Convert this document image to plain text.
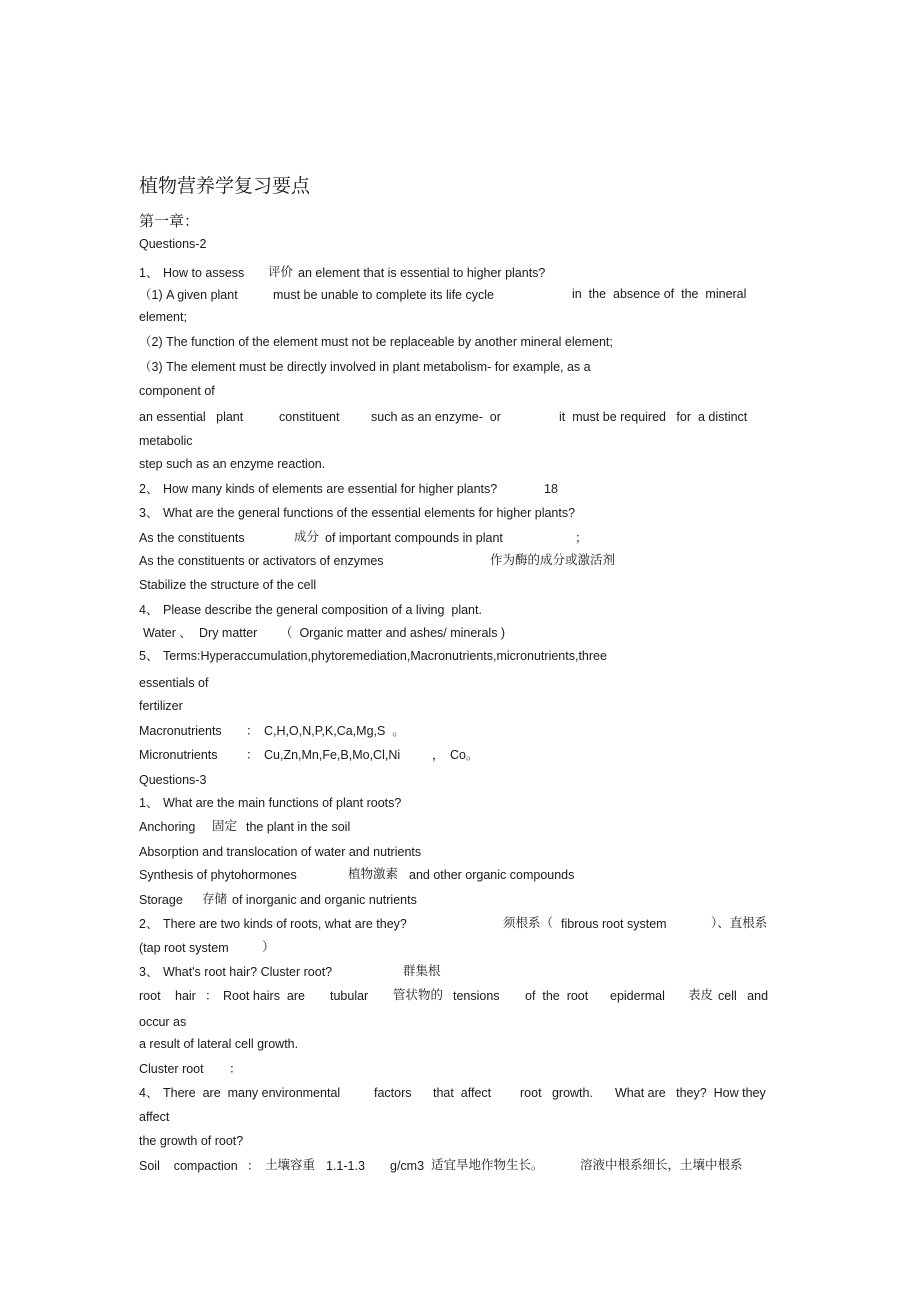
植物营养学复习要点
第一章：
Questions-2
1、 How to assess 评价 an element that is essential to higher plants?
（1) A given plant	must be unable to complete its life cycle	in  the  absence of  the  mineral
element;
（2) The function of the element must not be replaceable by another mineral element;
（3) The element must be directly involved in plant metabolism- for example, as a
component of
an essential   plant	constituent	such as an enzyme-  or	it  must be required   for  a distinct
metabolic
step such as an enzyme reaction.
2、 How many kinds of elements are essential for higher plants?	18
3、 What are the general functions of the essential elements for higher plants?
As the constituents	成分 of important compounds in plant	；
As the constituents or activators of enzymes	作为酶的成分或激活剂
Stabilize the structure of the cell
4、 Please describe the general composition of a living  plant.
Water 、 Dry matter （  Organic matter and ashes/ minerals )
5、 Terms:Hyperaccumulation,phytoremediation,Macronutrients,micronutrients,three
essentials of
fertilizer
Macronutrients ： C,H,O,N,P,K,Ca,Mg,S  。
Micronutrients ： Cu,Zn,Mn,Fe,B,Mo,Cl,Ni	， Co。
Questions-3
1、 What are the main functions of plant roots?
Anchoring 固定 the plant in the soil
Absorption and translocation of water and nutrients
Synthesis of phytohormones	植物激素 and other organic compounds
Storage 存储 of inorganic and organic nutrients
2、 There are two kinds of roots, what are they?	须根系（ fibrous root system	）、直根系
(tap root system	）
3、 What's root hair? Cluster root?	群集根
root hair ： Root hairs  are tubular 管状物的 tensions of  the  root epidermal 表皮 cell   and
occur as
a result of lateral cell growth.
Cluster root ：
4、 There  are  many environmental	factors that  affect root   growth. What are   they?  How they
affect
the growth of root?
Soil    compaction ： 土壤容重 1.1-1.3 g/cm3 适宜旱地作物生长。	溶液中根系细长，土壤中根系
